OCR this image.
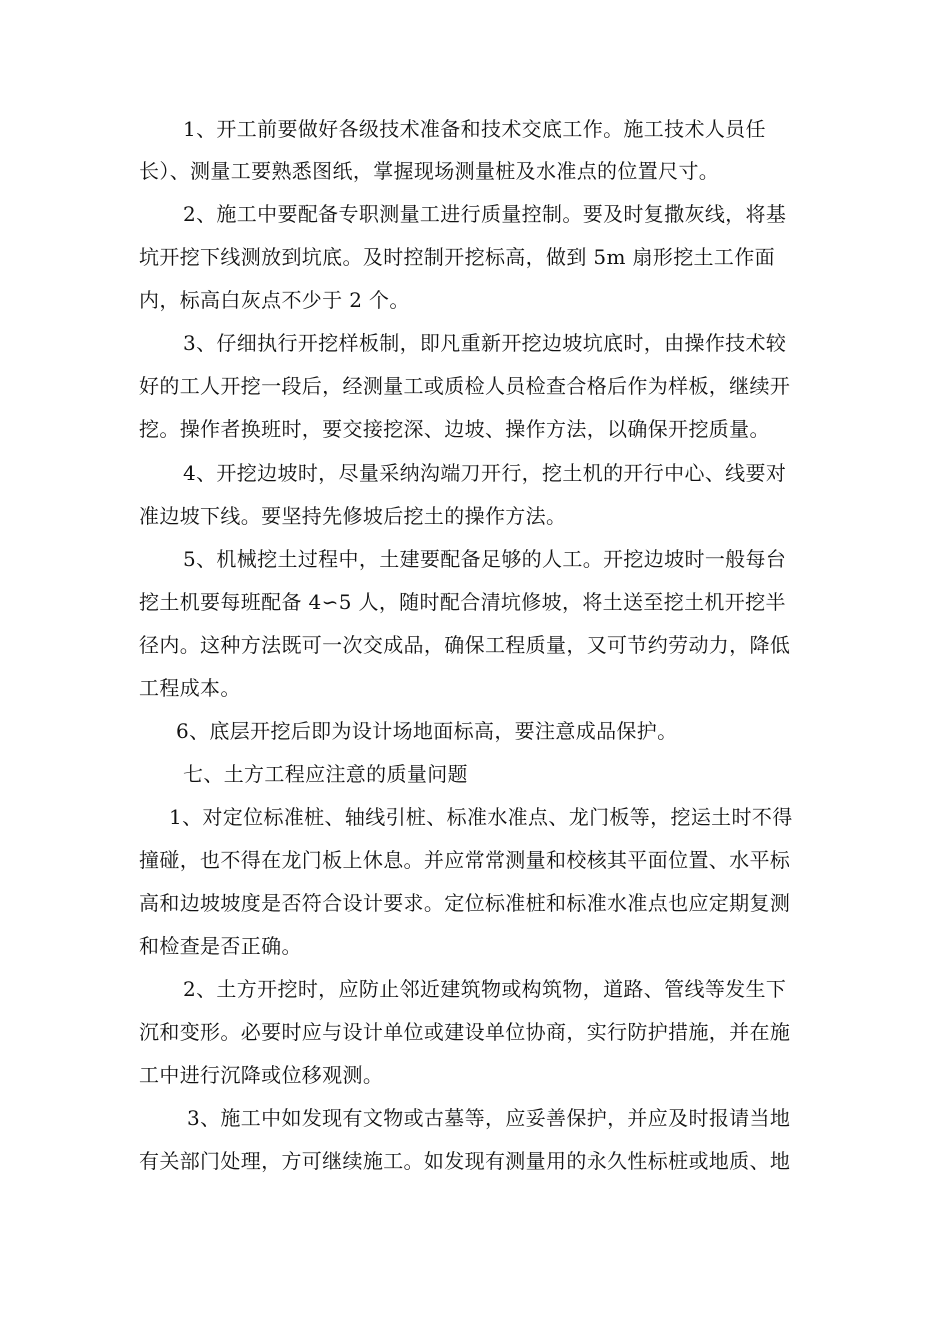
1、开工前要做好各级技术准备和技术交底工作。施工技术人员任
长）、测量工要熟悉图纸，掌握现场测量桩及水准点的位置尺寸。
2、施工中要配备专职测量工进行质量控制。要及时复撒灰线，将基
坑开挖下线测放到坑底。及时控制开挖标高，做到 5m 扇形挖土工作面
内，标高白灰点不少于 2 个。
3、仔细执行开挖样板制，即凡重新开挖边坡坑底时，由操作技术较
好的工人开挖一段后，经测量工或质检人员检查合格后作为样板，继续开
挖。操作者换班时，要交接挖深、边坡、操作方法，以确保开挖质量。
4、开挖边坡时，尽量采纳沟端刀开行，挖土机的开行中心、线要对
准边坡下线。要坚持先修坡后挖土的操作方法。
5、机械挖土过程中，土建要配备足够的人工。开挖边坡时一般每台
挖土机要每班配备 4∽5 人，随时配合清坑修坡，将土送至挖土机开挖半
径内。这种方法既可一次交成品，确保工程质量，又可节约劳动力，降低
工程成本。
6、底层开挖后即为设计场地面标高，要注意成品保护。
七、土方工程应注意的质量问题
1、对定位标准桩、轴线引桩、标准水准点、龙门板等，挖运土时不得
撞碰，也不得在龙门板上休息。并应常常测量和校核其平面位置、水平标
高和边坡坡度是否符合设计要求。定位标准桩和标准水准点也应定期复测
和检查是否正确。
2、土方开挖时，应防止邻近建筑物或构筑物，道路、管线等发生下
沉和变形。必要时应与设计单位或建设单位协商，实行防护措施，并在施
工中进行沉降或位移观测。
3、施工中如发现有文物或古墓等，应妥善保护，并应及时报请当地
有关部门处理，方可继续施工。如发现有测量用的永久性标桩或地质、地
